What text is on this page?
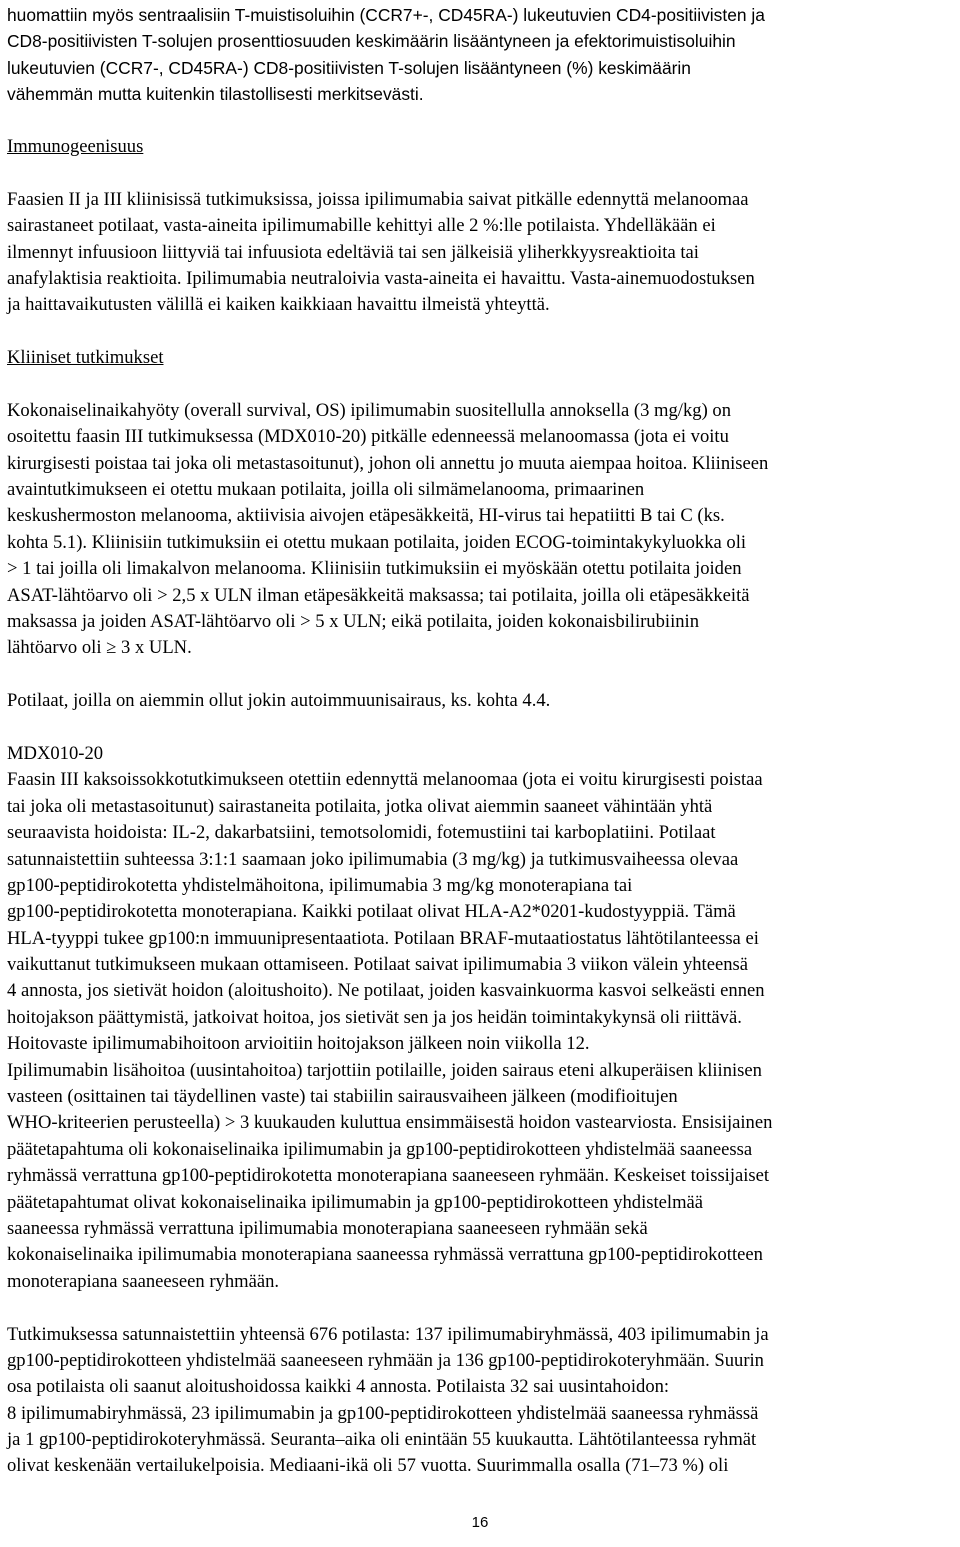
huomattiin myös sentraalisiin T-muistisoluihin (CCR7+-, CD45RA-) lukeutuvien CD4-positiivisten ja
CD8-positiivisten T-solujen prosenttiosuuden keskimäärin lisääntyneen ja efektorimuistisoluihin
lukeutuvien (CCR7-, CD45RA-) CD8-positiivisten T-solujen lisääntyneen (%) keskimäärin
vähemmän mutta kuitenkin tilastollisesti merkitsevästi.
Immunogeenisuus
Faasien II ja III kliinisissä tutkimuksissa, joissa ipilimumabia saivat pitkälle edennyttä melanoomaa
sairastaneet potilaat, vasta-aineita ipilimumabille kehittyi alle 2 %:lle potilaista. Yhdelläkään ei
ilmennyt infuusioon liittyviä tai infuusiota edeltäviä tai sen jälkeisiä yliherkkyysreaktioita tai
anafylaktisia reaktioita. Ipilimumabia neutraloivia vasta-aineita ei havaittu. Vasta-ainemuodostuksen
ja haittavaikutusten välillä ei kaiken kaikkiaan havaittu ilmeistä yhteyttä.
Kliiniset tutkimukset
Kokonaiselinaikahyöty (overall survival, OS) ipilimumabin suositellulla annoksella (3 mg/kg) on
osoitettu faasin III tutkimuksessa (MDX010-20) pitkälle edenneessä melanoomassa (jota ei voitu
kirurgisesti poistaa tai joka oli metastasoitunut), johon oli annettu jo muuta aiempaa hoitoa. Kliiniseen
avaintutkimukseen ei otettu mukaan potilaita, joilla oli silmämelanooma, primaarinen
keskushermoston melanooma, aktiivisia aivojen etäpesäkkeitä, HI-virus tai hepatiitti B tai C (ks.
kohta 5.1). Kliinisiin tutkimuksiin ei otettu mukaan potilaita, joiden ECOG-toimintakykyluokka oli
> 1 tai joilla oli limakalvon melanooma. Kliinisiin tutkimuksiin ei myöskään otettu potilaita joiden
ASAT-lähtöarvo oli > 2,5 x ULN ilman etäpesäkkeitä maksassa; tai potilaita, joilla oli etäpesäkkeitä
maksassa ja joiden ASAT-lähtöarvo oli > 5 x ULN; eikä potilaita, joiden kokonaisbilirubiinin
lähtöarvo oli ≥ 3 x ULN.
Potilaat, joilla on aiemmin ollut jokin autoimmuunisairaus, ks. kohta 4.4.
MDX010-20
Faasin III kaksoissokkotutkimukseen otettiin edennyttä melanoomaa (jota ei voitu kirurgisesti poistaa
tai joka oli metastasoitunut) sairastaneita potilaita, jotka olivat aiemmin saaneet vähintään yhtä
seuraavista hoidoista: IL-2, dakarbatsiini, temotsolomidi, fotemustiini tai karboplatiini. Potilaat
satunnaistettiin suhteessa 3:1:1 saamaan joko ipilimumabia (3 mg/kg) ja tutkimusvaiheessa olevaa
gp100-peptidirokotetta yhdistelmähoitona, ipilimumabia 3 mg/kg monoterapiana tai
gp100-peptidirokotetta monoterapiana. Kaikki potilaat olivat HLA-A2*0201-kudostyyppiä. Tämä
HLA-tyyppi tukee gp100:n immuunipresentaatiota. Potilaan BRAF-mutaatiostatus lähtötilanteessa ei
vaikuttanut tutkimukseen mukaan ottamiseen. Potilaat saivat ipilimumabia 3 viikon välein yhteensä
4 annosta, jos sietivät hoidon (aloitushoito). Ne potilaat, joiden kasvainkuorma kasvoi selkeästi ennen
hoitojakson päättymistä, jatkoivat hoitoa, jos sietivät sen ja jos heidän toimintakykynsä oli riittävä.
Hoitovaste ipilimumabihoitoon arvioitiin hoitojakson jälkeen noin viikolla 12.
Ipilimumabin lisähoitoa (uusintahoitoa) tarjottiin potilaille, joiden sairaus eteni alkuperäisen kliinisen
vasteen (osittainen tai täydellinen vaste) tai stabiilin sairausvaiheen jälkeen (modifioitujen
WHO-kriteerien perusteella) > 3 kuukauden kuluttua ensimmäisestä hoidon vastearviosta. Ensisijainen
päätetapahtuma oli kokonaiselinaika ipilimumabin ja gp100-peptidirokotteen yhdistelmää saaneessa
ryhmässä verrattuna gp100-peptidirokotetta monoterapiana saaneeseen ryhmään. Keskeiset toissijaiset
päätetapahtumat olivat kokonaiselinaika ipilimumabin ja gp100-peptidirokotteen yhdistelmää
saaneessa ryhmässä verrattuna ipilimumabia monoterapiana saaneeseen ryhmään sekä
kokonaiselinaika ipilimumabia monoterapiana saaneessa ryhmässä verrattuna gp100-peptidirokotteen
monoterapiana saaneeseen ryhmään.
Tutkimuksessa satunnaistettiin yhteensä 676 potilasta: 137 ipilimumabiryhmässä, 403 ipilimumabin ja
gp100-peptidirokotteen yhdistelmää saaneeseen ryhmään ja 136 gp100-peptidirokoteryhmään. Suurin
osa potilaista oli saanut aloitushoidossa kaikki 4 annosta. Potilaista 32 sai uusintahoidon:
8 ipilimumabiryhmässä, 23 ipilimumabin ja gp100-peptidirokotteen yhdistelmää saaneessa ryhmässä
ja 1 gp100-peptidirokoteryhmässä. Seuranta–aika oli enintään 55 kuukautta. Lähtötilanteessa ryhmät
olivat keskenään vertailukelpoisia. Mediaani-ikä oli 57 vuotta. Suurimmalla osalla (71–73 %) oli
16
